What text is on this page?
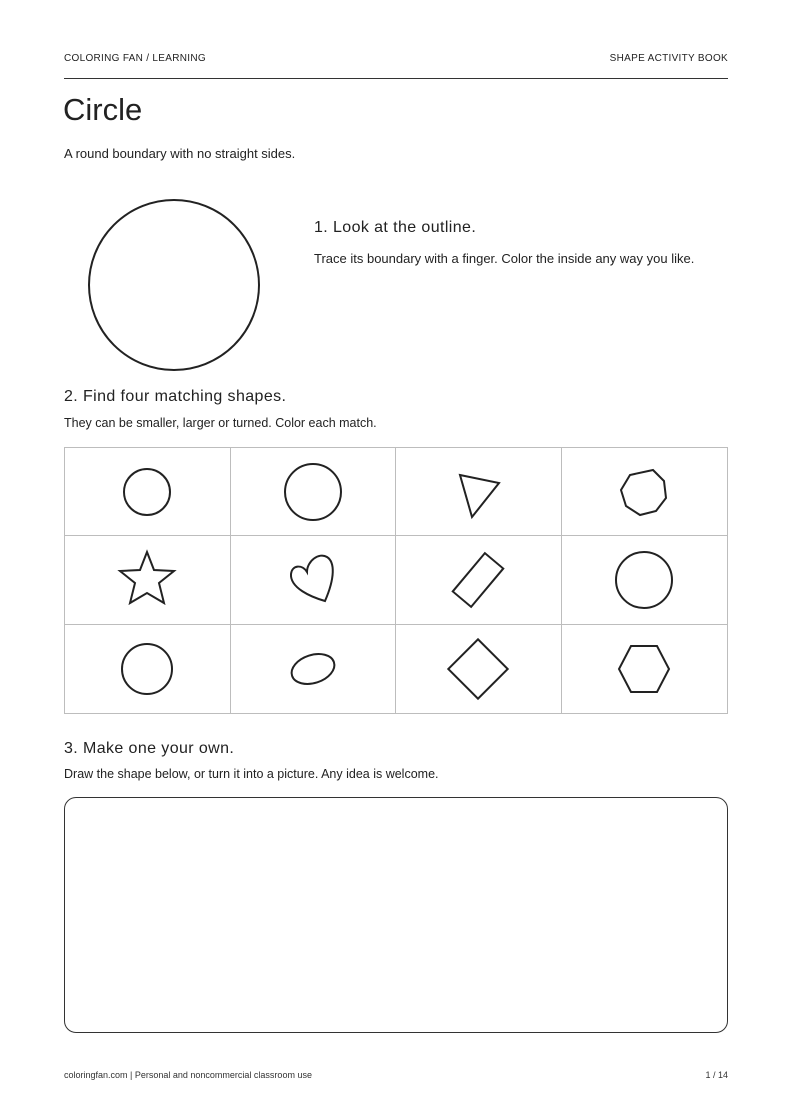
COLORING FAN / LEARNING	SHAPE ACTIVITY BOOK
Circle
A round boundary with no straight sides.
1. Look at the outline.
Trace its boundary with a finger. Color the inside any way you like.
2. Find four matching shapes.
They can be smaller, larger or turned. Color each match.
3. Make one your own.
Draw the shape below, or turn it into a picture. Any idea is welcome.
coloringfan.com | Personal and noncommercial classroom use	1 / 14
